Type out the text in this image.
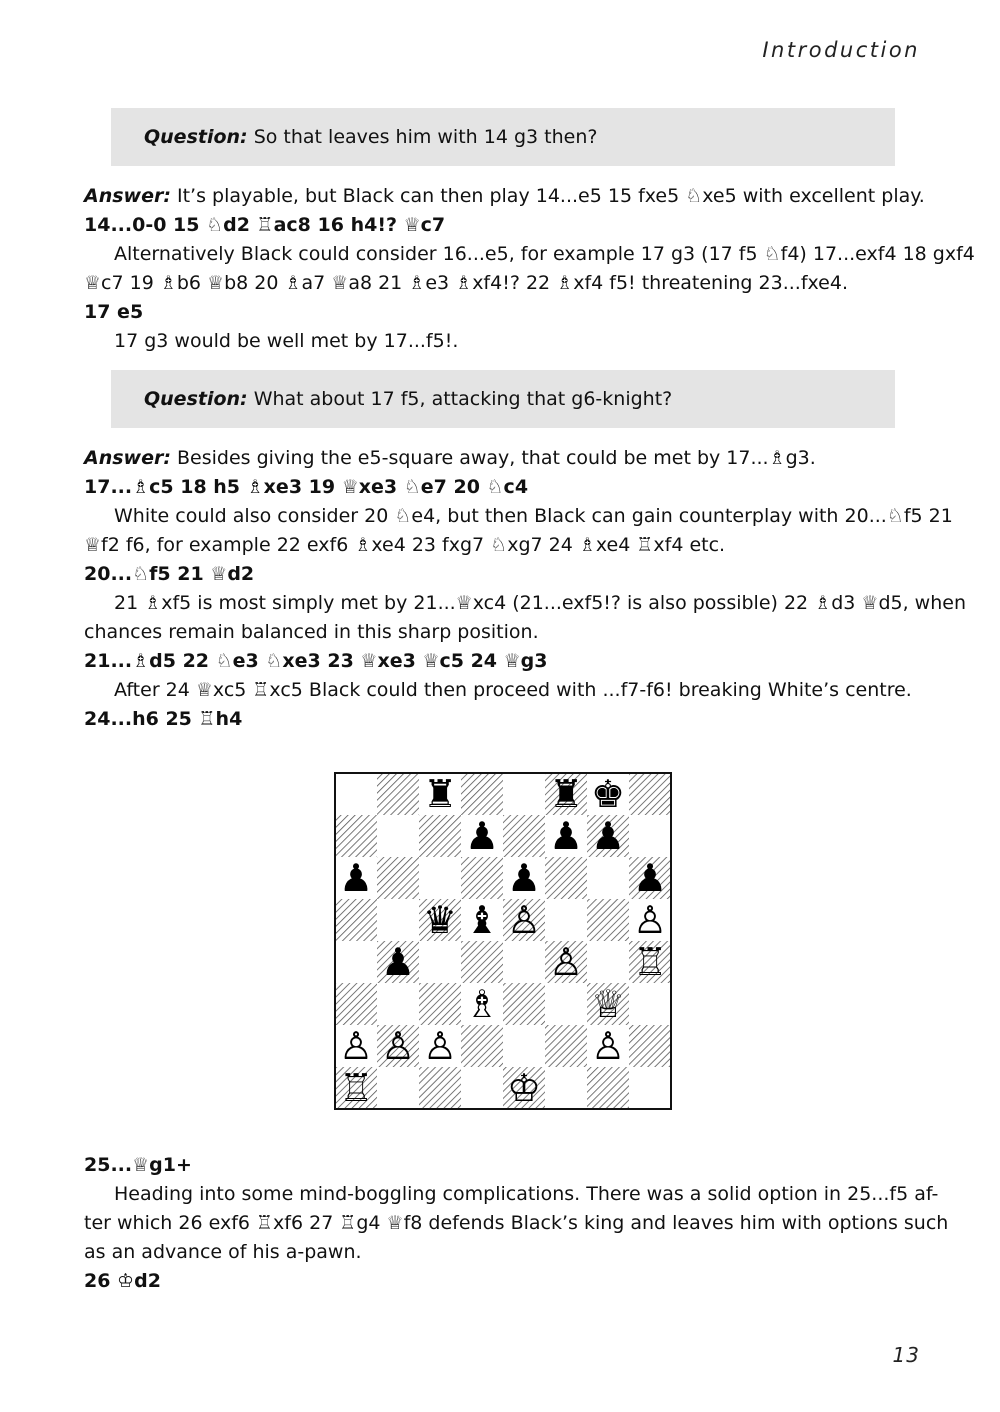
Introduction
Question: So that leaves him with 14 g3 then?
Answer: It’s playable, but Black can then play 14...e5 15 fxe5 ♘xe5 with excellent play.
14...0-0 15 ♘d2 ♖ac8 16 h4!? ♕c7
Alternatively Black could consider 16...e5, for example 17 g3 (17 f5 ♘f4) 17...exf4 18 gxf4
♕c7 19 ♗b6 ♕b8 20 ♗a7 ♕a8 21 ♗e3 ♗xf4!? 22 ♗xf4 f5! threatening 23...fxe4.
17 e5
17 g3 would be well met by 17...f5!.
Question: What about 17 f5, attacking that g6-knight?
Answer: Besides giving the e5-square away, that could be met by 17...♗g3.
17...♗c5 18 h5 ♗xe3 19 ♕xe3 ♘e7 20 ♘c4
White could also consider 20 ♘e4, but then Black can gain counterplay with 20...♘f5 21
♕f2 f6, for example 22 exf6 ♗xe4 23 fxg7 ♘xg7 24 ♗xe4 ♖xf4 etc.
20...♘f5 21 ♕d2
21 ♗xf5 is most simply met by 21...♕xc4 (21...exf5!? is also possible) 22 ♗d3 ♕d5, when
chances remain balanced in this sharp position.
21...♗d5 22 ♘e3 ♘xe3 23 ♕xe3 ♕c5 24 ♕g3
After 24 ♕xc5 ♖xc5 Black could then proceed with ...f7-f6! breaking White’s centre.
24...h6 25 ♖h4
♜ ♜ ♚
♟ ♟ ♟
♟	♟ ♟
♛ ♝ ♙ ♙
♟	♙ ♖
♗ ♕
♙ ♙ ♙	♙
♖	♔
25...♕g1+
Heading into some mind-boggling complications. There was a solid option in 25...f5 af-
ter which 26 exf6 ♖xf6 27 ♖g4 ♕f8 defends Black’s king and leaves him with options such
as an advance of his a-pawn.
26 ♔d2
13
